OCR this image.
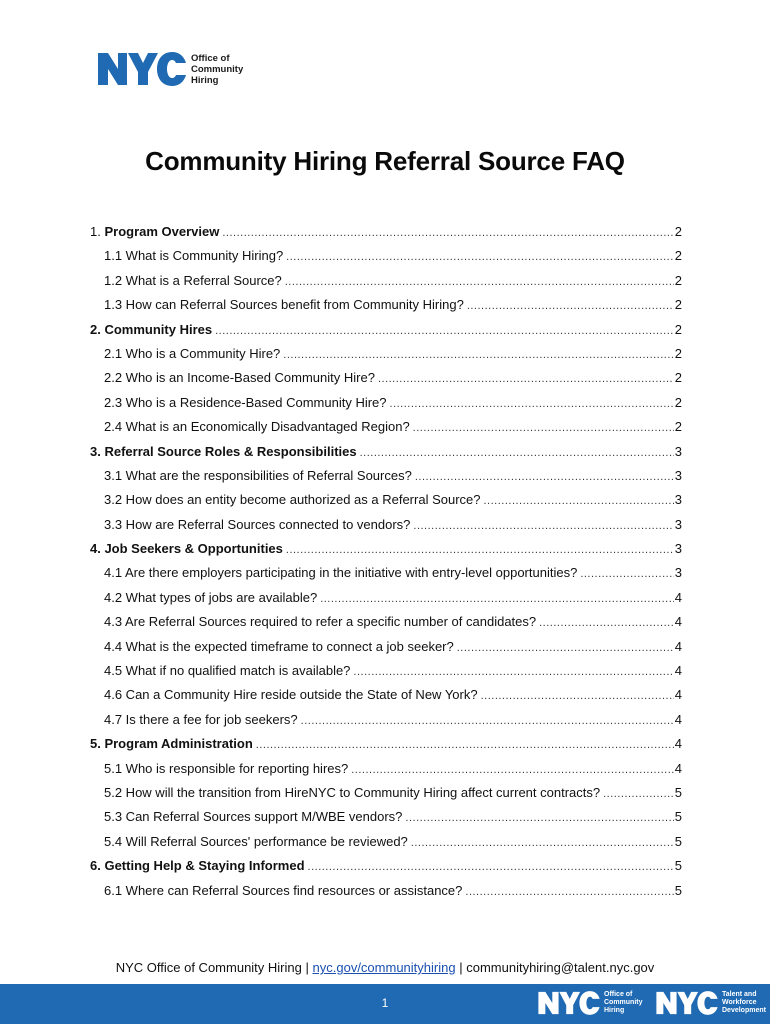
Office of
Community
Hiring
Community Hiring Referral Source FAQ
1. Program Overview .....	2
1.1 What is Community Hiring? .....	2
1.2 What is a Referral Source? .....	2
1.3 How can Referral Sources benefit from Community Hiring? .....	2
2. Community Hires .....	2
2.1 Who is a Community Hire? .....	2
2.2 Who is an Income-Based Community Hire? .....	2
2.3 Who is a Residence-Based Community Hire? .....	2
2.4 What is an Economically Disadvantaged Region? .....	2
3. Referral Source Roles & Responsibilities .....	3
3.1 What are the responsibilities of Referral Sources? .....	3
3.2 How does an entity become authorized as a Referral Source? .....	3
3.3 How are Referral Sources connected to vendors? .....	3
4. Job Seekers & Opportunities .....	3
4.1 Are there employers participating in the initiative with entry-level opportunities? .....	3
4.2 What types of jobs are available? .....	4
4.3 Are Referral Sources required to refer a specific number of candidates? .....	4
4.4 What is the expected timeframe to connect a job seeker? .....	4
4.5 What if no qualified match is available? .....	4
4.6 Can a Community Hire reside outside the State of New York? .....	4
4.7 Is there a fee for job seekers? .....	4
5. Program Administration .....	4
5.1 Who is responsible for reporting hires? .....	4
5.2 How will the transition from HireNYC to Community Hiring affect current contracts? .....	5
5.3 Can Referral Sources support M/WBE vendors? .....	5
5.4 Will Referral Sources' performance be reviewed? .....	5
6. Getting Help & Staying Informed .....	5
6.1 Where can Referral Sources find resources or assistance? .....	5
NYC Office of Community Hiring | nyc.gov/communityhiring | communityhiring@talent.nyc.gov
1
Office of
Community
Hiring
Talent and
Workforce
Development
